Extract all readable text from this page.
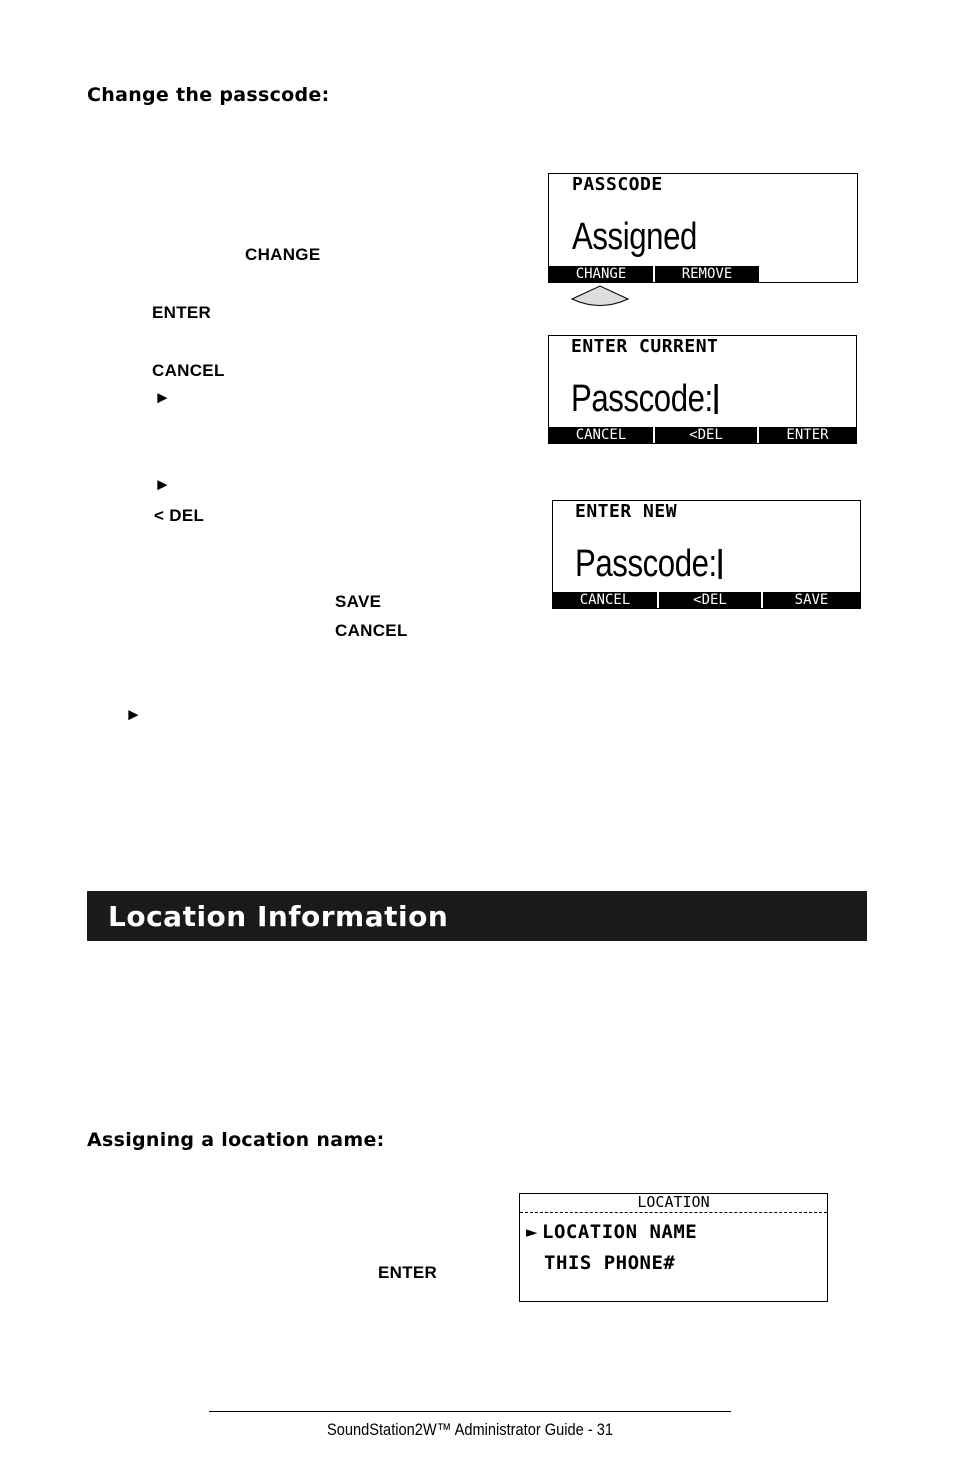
Change the passcode:
CHANGE
ENTER
CANCEL
►
►
< DEL
SAVE
CANCEL
►
PASSCODE
Assigned
CHANGE	REMOVE
ENTER CURRENT
Passcode:
CANCEL	<DEL	ENTER
ENTER NEW
Passcode:
CANCEL	<DEL	SAVE
Location Information
Assigning a location name:
ENTER
LOCATION
► LOCATION NAME
THIS PHONE#
SoundStation2W™ Administrator Guide - 31
